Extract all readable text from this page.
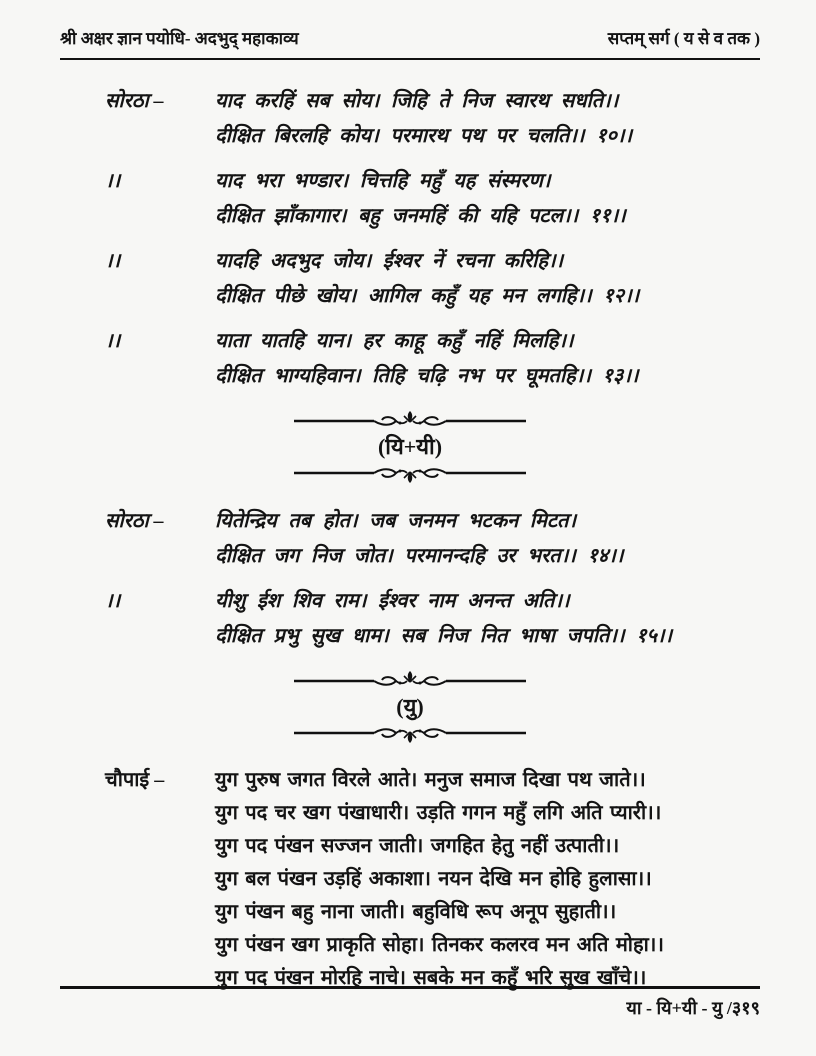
श्री अक्षर ज्ञान पयोधि- अदभुद् महाकाव्य	सप्तम् सर्ग ( य से व तक )
सोरठा –	याद करहिं सब सोय। जिहि ते निज स्वारथ सधति।।
दीक्षित बिरलहि कोय। परमारथ पथ पर चलति।। १०।।
।।	याद भरा भण्डार। चित्तहि महुँ यह संस्मरण।
दीक्षित झाँकागार। बहु जनमहिं की यहि पटल।। ११।।
।।	यादहि अदभुद जोय। ईश्वर नें रचना करिहि।।
दीक्षित पीछे खोय। आगिल कहुँ यह मन लगहि।। १२।।
।।	याता यातहि यान। हर काहू कहुँ नहिं मिलहि।।
दीक्षित भाग्यहिवान। तिहि चढ़ि नभ पर घूमतहि।। १३।।
(यि+यी)
सोरठा –	यितेन्द्रिय तब होत। जब जनमन भटकन मिटत।
दीक्षित जग निज जोत। परमानन्दहि उर भरत।। १४।।
।।	यीशु ईश शिव राम। ईश्वर नाम अनन्त अति।।
दीक्षित प्रभु सुख धाम। सब निज नित भाषा जपति।। १५।।
(यु)
चौपाई –	युग पुरुष जगत विरले आते। मनुज समाज दिखा पथ जाते।।
युग पद चर खग पंखाधारी। उड़ति गगन महुँ लगि अति प्यारी।।
युग पद पंखन सज्जन जाती। जगहित हेतु नहीं उत्पाती।।
युग बल पंखन उड़हिं अकाशा। नयन देखि मन होहि हुलासा।।
युग पंखन बहु नाना जाती। बहुविधि रूप अनूप सुहाती।।
युग पंखन खग प्राकृति सोहा। तिनकर कलरव मन अति मोहा।।
युग पद पंखन मोरहि नाचे। सबके मन कहुँ भरि सुख खाँचे।।
या - यि+यी - यु /३१९
